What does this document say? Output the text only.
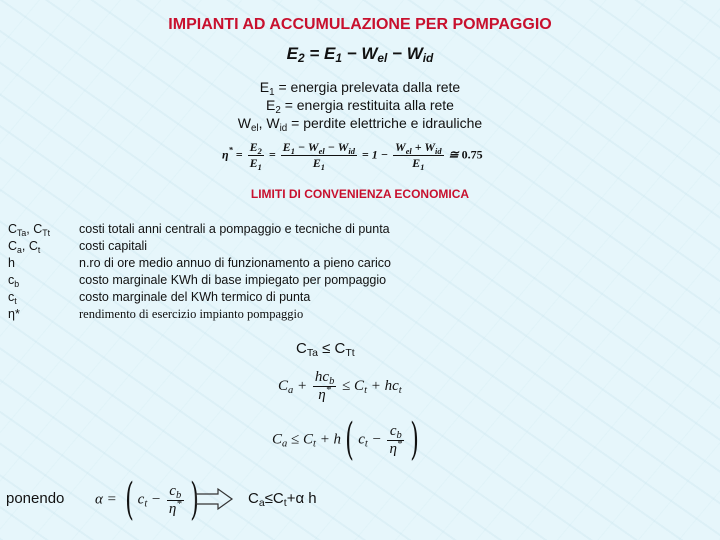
IMPIANTI AD ACCUMULAZIONE PER POMPAGGIO
$E_2 = E_1 - W_{el} - W_{id}$
$E_1$ = energia prelevata dalla rete
$E_2$ = energia restituita alla rete
$W_{el}$, $W_{id}$ = perdite elettriche e idrauliche
$\eta^* = \frac{E_2}{E_1} = \frac{E_1 - W_{el} - W_{id}}{E_1} = 1 - \frac{W_{el} + W_{id}}{E_1}$ ≅ 0.75
LIMITI DI CONVENIENZA ECONOMICA
$C_{Ta}$, $C_{Tt}$
$C_a$, $C_t$
h
$c_b$
$c_t$
η*
costi totali anni centrali a pompaggio e tecniche di punta
costi capitali
n.ro di ore medio annuo di funzionamento a pieno carico
costo marginale KWh di base impiegato per pompaggio
costo marginale del KWh termico di punta
rendimento di esercizio impianto pompaggio
$C_{Ta} \le C_{Tt}$
$C_a + \frac{hc_b}{\eta^*} \le C_t + hc_t$
$C_a \le C_t + h$( $c_t - \frac{c_b}{\eta^*}$ )
ponendo α = ( $c_t - \frac{c_b}{\eta^*}$ )	$C_a\le C_t+\alpha$ h
